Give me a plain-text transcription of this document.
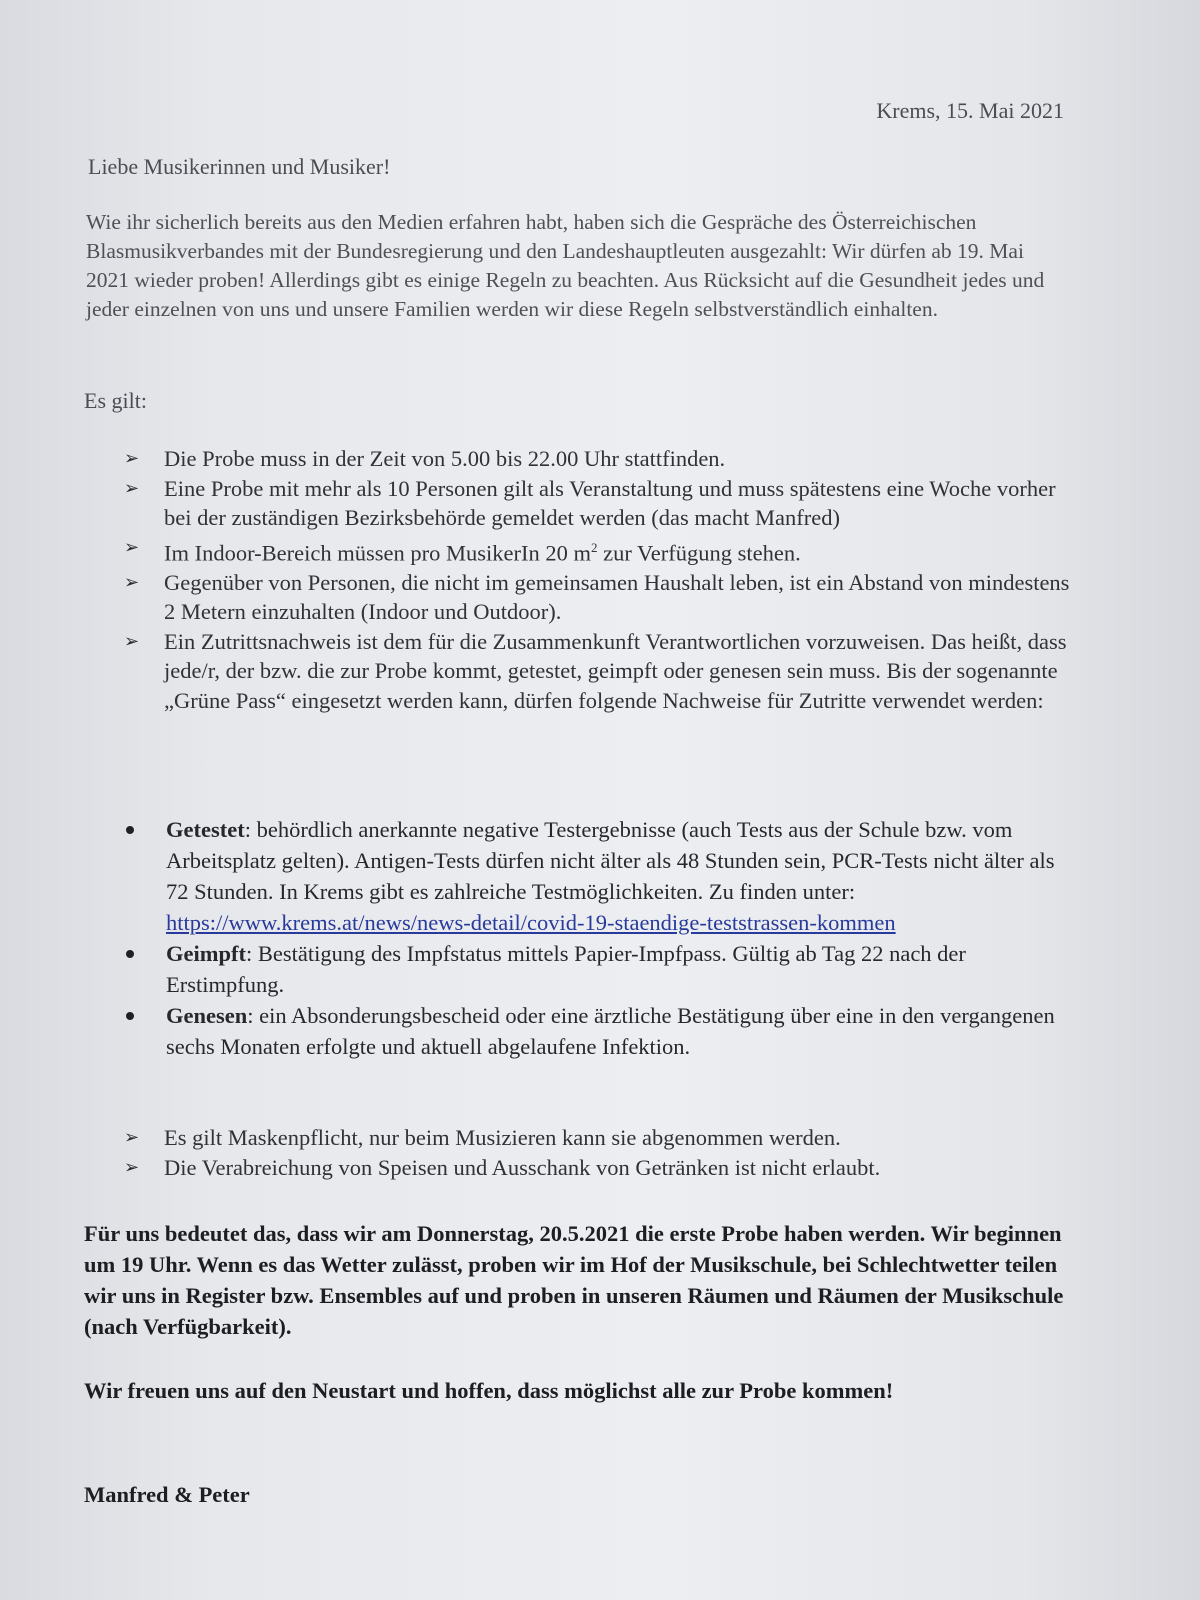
Krems, 15. Mai 2021
Liebe Musikerinnen und Musiker!
Wie ihr sicherlich bereits aus den Medien erfahren habt, haben sich die Gespräche des Österreichischen Blasmusikverbandes mit der Bundesregierung und den Landeshauptleuten ausgezahlt: Wir dürfen ab 19. Mai 2021 wieder proben! Allerdings gibt es einige Regeln zu beachten. Aus Rücksicht auf die Gesundheit jedes und jeder einzelnen von uns und unsere Familien werden wir diese Regeln selbstverständlich einhalten.
Es gilt:
➢ Die Probe muss in der Zeit von 5.00 bis 22.00 Uhr stattfinden.
➢ Eine Probe mit mehr als 10 Personen gilt als Veranstaltung und muss spätestens eine Woche vorher bei der zuständigen Bezirksbehörde gemeldet werden (das macht Manfred)
➢ Im Indoor-Bereich müssen pro MusikerIn 20 $m^2$ zur Verfügung stehen.
➢ Gegenüber von Personen, die nicht im gemeinsamen Haushalt leben, ist ein Abstand von mindestens 2 Metern einzuhalten (Indoor und Outdoor).
➢ Ein Zutrittsnachweis ist dem für die Zusammenkunft Verantwortlichen vorzuweisen. Das heißt, dass jede/r, der bzw. die zur Probe kommt, getestet, geimpft oder genesen sein muss. Bis der sogenannte „Grüne Pass“ eingesetzt werden kann, dürfen folgende Nachweise für Zutritte verwendet werden:
Getestet: behördlich anerkannte negative Testergebnisse (auch Tests aus der Schule bzw. vom Arbeitsplatz gelten). Antigen-Tests dürfen nicht älter als 48 Stunden sein, PCR-Tests nicht älter als 72 Stunden. In Krems gibt es zahlreiche Testmöglichkeiten. Zu finden unter: https://www.krems.at/news/news-detail/covid-19-staendige-teststrassen-kommen
Geimpft: Bestätigung des Impfstatus mittels Papier-Impfpass. Gültig ab Tag 22 nach der Erstimpfung.
Genesen: ein Absonderungsbescheid oder eine ärztliche Bestätigung über eine in den vergangenen sechs Monaten erfolgte und aktuell abgelaufene Infektion.
➢ Es gilt Maskenpflicht, nur beim Musizieren kann sie abgenommen werden.
➢ Die Verabreichung von Speisen und Ausschank von Getränken ist nicht erlaubt.
Für uns bedeutet das, dass wir am Donnerstag, 20.5.2021 die erste Probe haben werden. Wir beginnen um 19 Uhr. Wenn es das Wetter zulässt, proben wir im Hof der Musikschule, bei Schlechtwetter teilen wir uns in Register bzw. Ensembles auf und proben in unseren Räumen und Räumen der Musikschule (nach Verfügbarkeit).
Wir freuen uns auf den Neustart und hoffen, dass möglichst alle zur Probe kommen!
Manfred & Peter
